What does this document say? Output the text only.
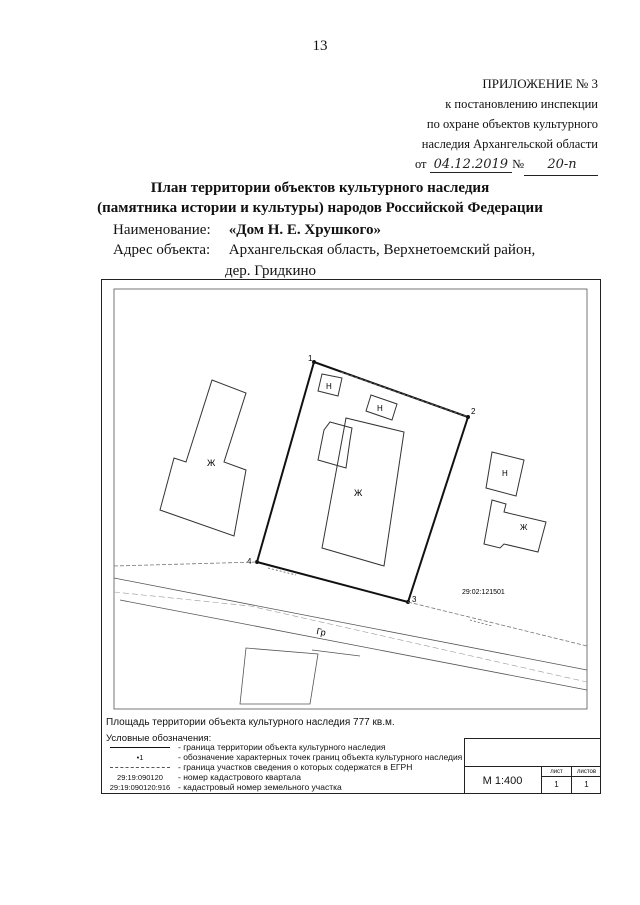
13
ПРИЛОЖЕНИЕ № 3
к постановлению инспекции
по охране объектов культурного
наследия Архангельской области
от 04.12.2019 № 20-п
План территории объектов культурного наследия
(памятника истории и культуры) народов Российской Федерации
Наименование: «Дом Н. Е. Хрушкого»
Адрес объекта: Архангельская область, Верхнетоемский район,
дер. Гридкино
Ж
1
2
3
4
Н
Н
Ж
Н
Ж
Гр
29:02:121501
Площадь территории объекта культурного наследия 777 кв.м.
Условные обозначения:
- граница территории объекта культурного наследия
•1	- обозначение характерных точек границ объекта культурного наследия
- граница участков сведения о которых содержатся в ЕГРН
29:19:090120	- номер кадастрового квартала
29:19:090120:916 - кадастровый номер земельного участка
М 1:400
лист
1
листов
1
